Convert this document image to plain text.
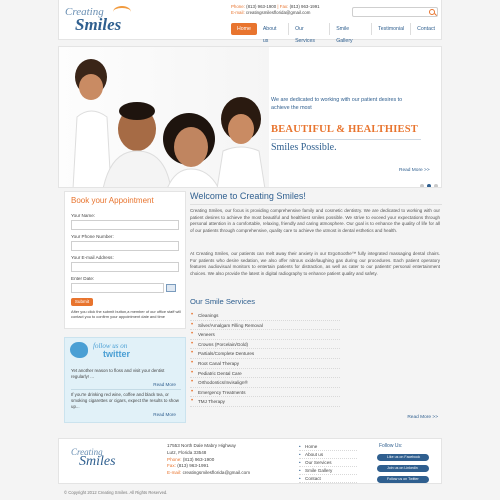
Creating
Smiles
Phone: (813) 963-1900 | Fax: (813) 963-1991
E-mail: creatingsmilesflorida@gmail.com
Home	About us
Our Services
Smile Gallery
Testimonial	Contact
We are dedicated to working with our patient desires to achieve the most
BEAUTIFUL & HEALTHIEST
Smiles Possible.
Read More >>
Book your Appointment
Your Name:
Your Phone Number:
Your E-mail Address:
Enter Date:
Submit
After you click the submit button,a member of our office staff will contact you to confirm your appointment date and time
follow us on
twitter
Yet another reason to floss and visit your dentist regularly! ...
Read More
If you're drinking red wine, coffee and black tea, or smoking cigarettes or cigars, expect the results to show up...
Read More
Welcome to Creating Smiles!
Creating Smiles, our focus is providing comprehensive family and cosmetic dentistry. We are dedicated to working with our patient desires to achieve the most beautiful and healthiest smiles possible. We strive to exceed your expectations through personal attention in a comfortable, relaxing, friendly and caring atmosphere. Our goal is to enhance the quality of life for all of our patients through comprehensive, quality care to achieve the utmost in dental esthetics and health.
At Creating Smiles, our patients can melt away their anxiety in our ErgoSoothe™ fully integrated massaging dental chairs. For patients who desire sedation, we also offer nitrous oxide/laughing gas during our procedures. Each patient operatory features audiovisual monitors to entertain patients for distraction, as well as cater to our patients' personal entertainment choices. We also provide the latest in digital radiography to enhance patient quality and safety.
Our Smile Services
• Cleanings
• Silver/Amalgam Filling Removal
• Veneers
• Crowns (Porcelain/Gold)
• Partials/Complete Dentures
• Root Canal Therapy
• Pediatric Dental Care
• Orthodontics/Invisalign®
• Emergency Treatments
• TMJ Therapy
Read More >>
Creating
Smiles
17553 North Dale Mabry Highway
Lutz, Florida 33548
Phone: (813) 963-1900
Fax: (813) 963-1991
E-mail: creatingsmilesflorida@gmail.com
• Home
• About us
• Our Services
• Smile Gallery
• Contact
Follow Us:
Like us on Facebook
Join us on Linkedin
Follow us on Twitter
© Copyright 2012 Creating Smiles. All Rights Reserved.
